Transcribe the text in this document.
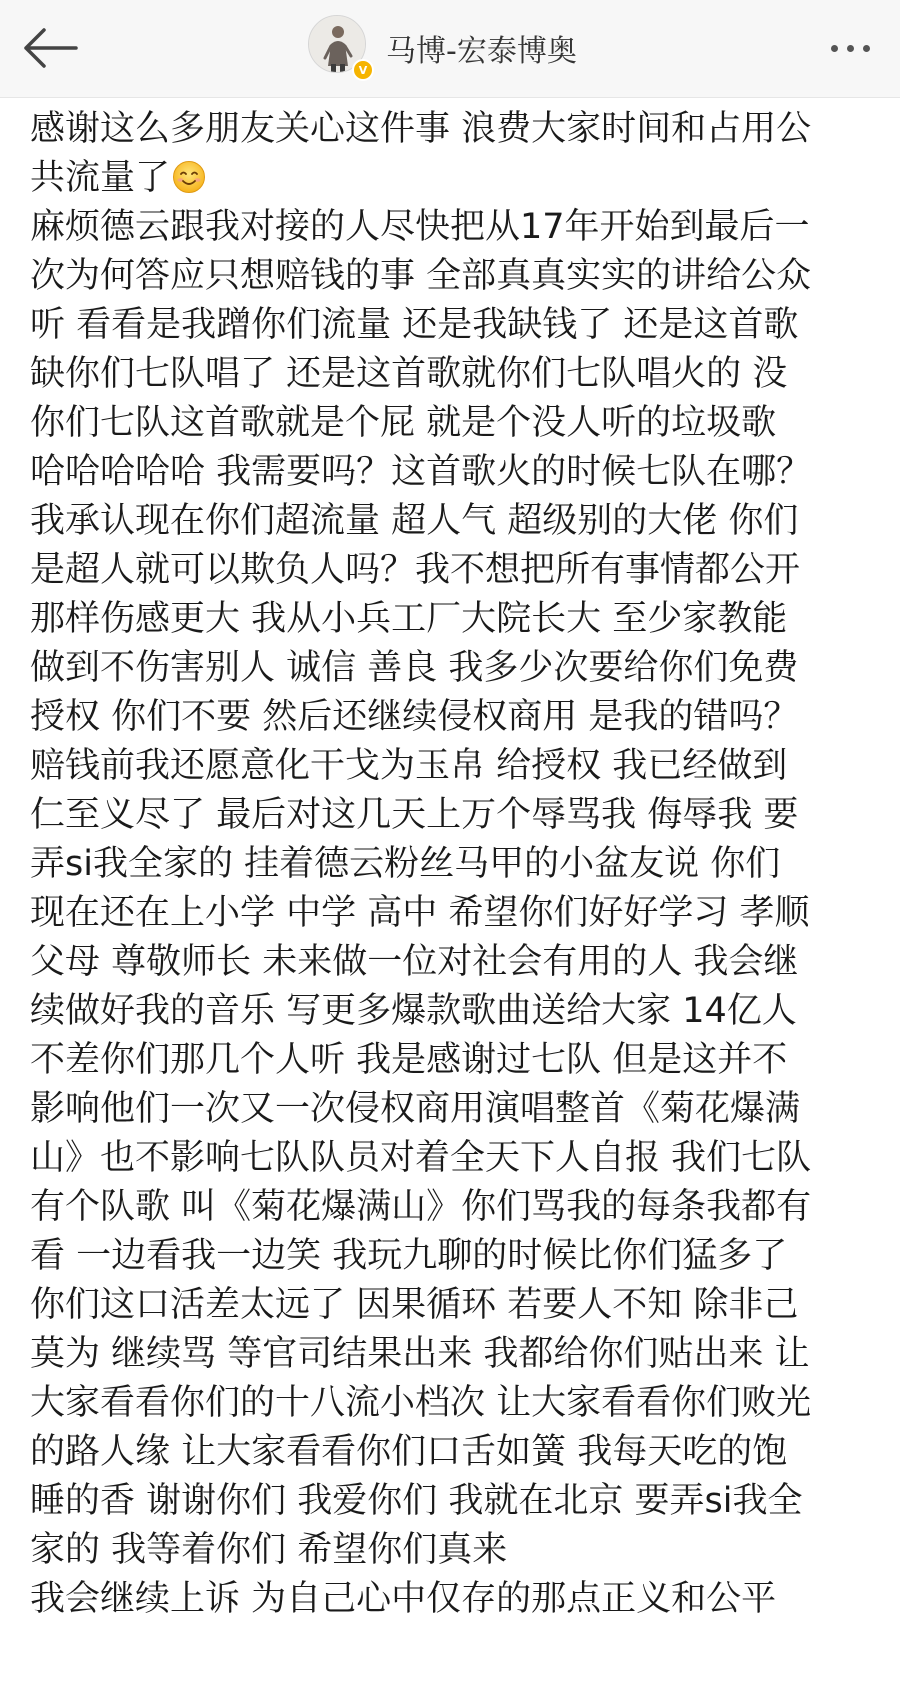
V
马博-宏泰博奥
感谢这么多朋友关心这件事 浪费大家时间和占用公
共流量了
麻烦德云跟我对接的人尽快把从17年开始到最后一
次为何答应只想赔钱的事 全部真真实实的讲给公众
听 看看是我蹭你们流量 还是我缺钱了 还是这首歌
缺你们七队唱了 还是这首歌就你们七队唱火的 没
你们七队这首歌就是个屁 就是个没人听的垃圾歌
哈哈哈哈哈 我需要吗？这首歌火的时候七队在哪？
我承认现在你们超流量 超人气 超级别的大佬 你们
是超人就可以欺负人吗？我不想把所有事情都公开
那样伤感更大 我从小兵工厂大院长大 至少家教能
做到不伤害别人 诚信 善良 我多少次要给你们免费
授权 你们不要 然后还继续侵权商用 是我的错吗？
赔钱前我还愿意化干戈为玉帛 给授权 我已经做到
仁至义尽了 最后对这几天上万个辱骂我 侮辱我 要
弄si我全家的 挂着德云粉丝马甲的小盆友说 你们
现在还在上小学 中学 高中 希望你们好好学习 孝顺
父母 尊敬师长 未来做一位对社会有用的人 我会继
续做好我的音乐 写更多爆款歌曲送给大家 14亿人
不差你们那几个人听 我是感谢过七队 但是这并不
影响他们一次又一次侵权商用演唱整首《菊花爆满
山》也不影响七队队员对着全天下人自报 我们七队
有个队歌 叫《菊花爆满山》你们骂我的每条我都有
看 一边看我一边笑 我玩九聊的时候比你们猛多了
你们这口活差太远了 因果循环 若要人不知 除非己
莫为 继续骂 等官司结果出来 我都给你们贴出来 让
大家看看你们的十八流小档次 让大家看看你们败光
的路人缘 让大家看看你们口舌如簧 我每天吃的饱
睡的香 谢谢你们 我爱你们 我就在北京 要弄si我全
家的 我等着你们 希望你们真来
我会继续上诉 为自己心中仅存的那点正义和公平
